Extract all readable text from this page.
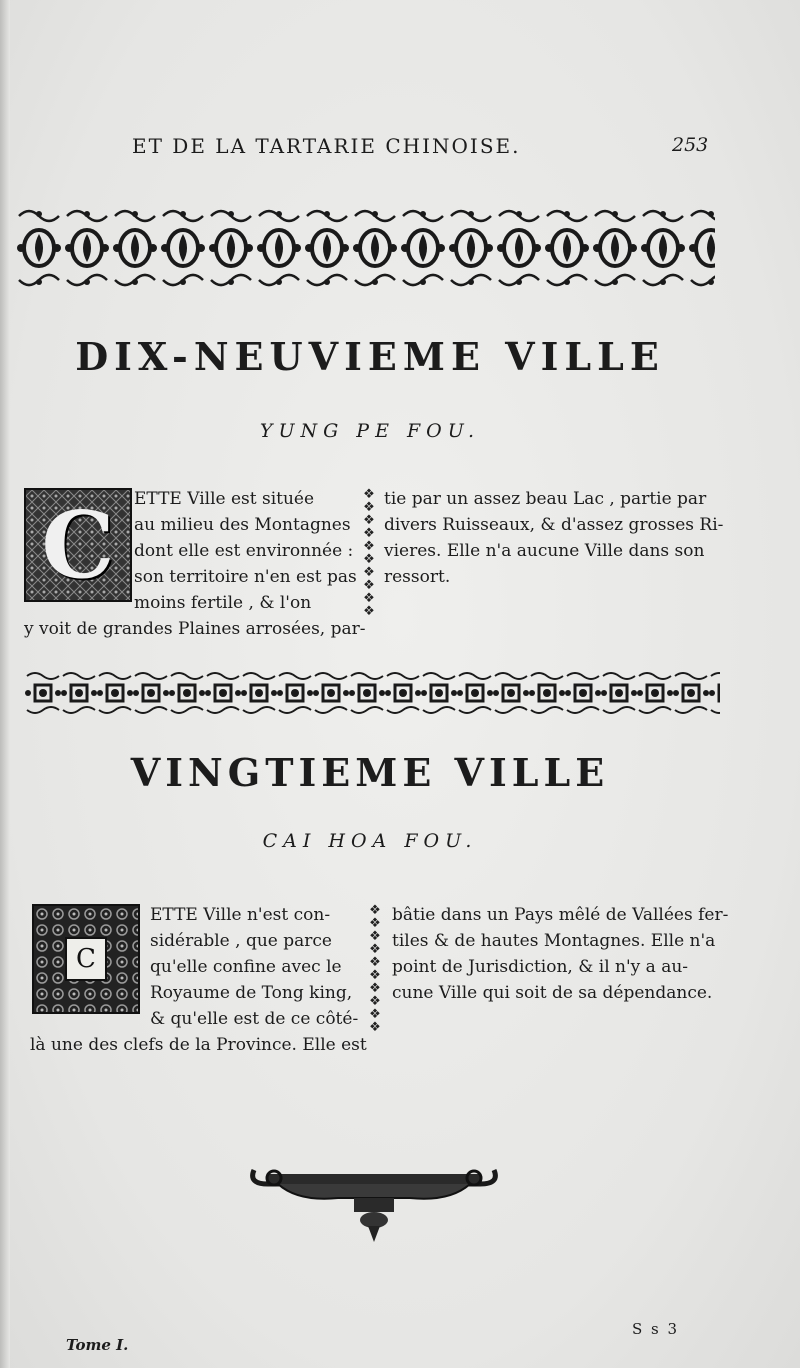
ET DE LA TARTARIE CHINOISE.	253
DIX-NEUVIEME VILLE
YUNG PE FOU.
C ETTE Ville est située
au milieu des Montagnes
dont elle est environnée :
son territoire n'en est pas
moins fertile , & l'on
y voit de grandes Plaines arrosées, par-
❖
❖
❖
❖
❖
❖
❖
❖
❖
❖
tie par un assez beau Lac , partie par
divers Ruisseaux, & d'assez grosses Ri-
vieres. Elle n'a aucune Ville dans son
ressort.
VINGTIEME VILLE
CAI HOA FOU.
C
ETTE Ville n'est con-
sidérable , que parce
qu'elle confine avec le
Royaume de Tong king,
& qu'elle est de ce côté-
là une des clefs de la Province. Elle est
❖
❖
❖
❖
❖
❖
❖
❖
❖
❖
bâtie dans un Pays mêlé de Vallées fer-
tiles & de hautes Montagnes. Elle n'a
point de Jurisdiction, & il n'y a au-
cune Ville qui soit de sa dépendance.
Tome I.
S s 3
